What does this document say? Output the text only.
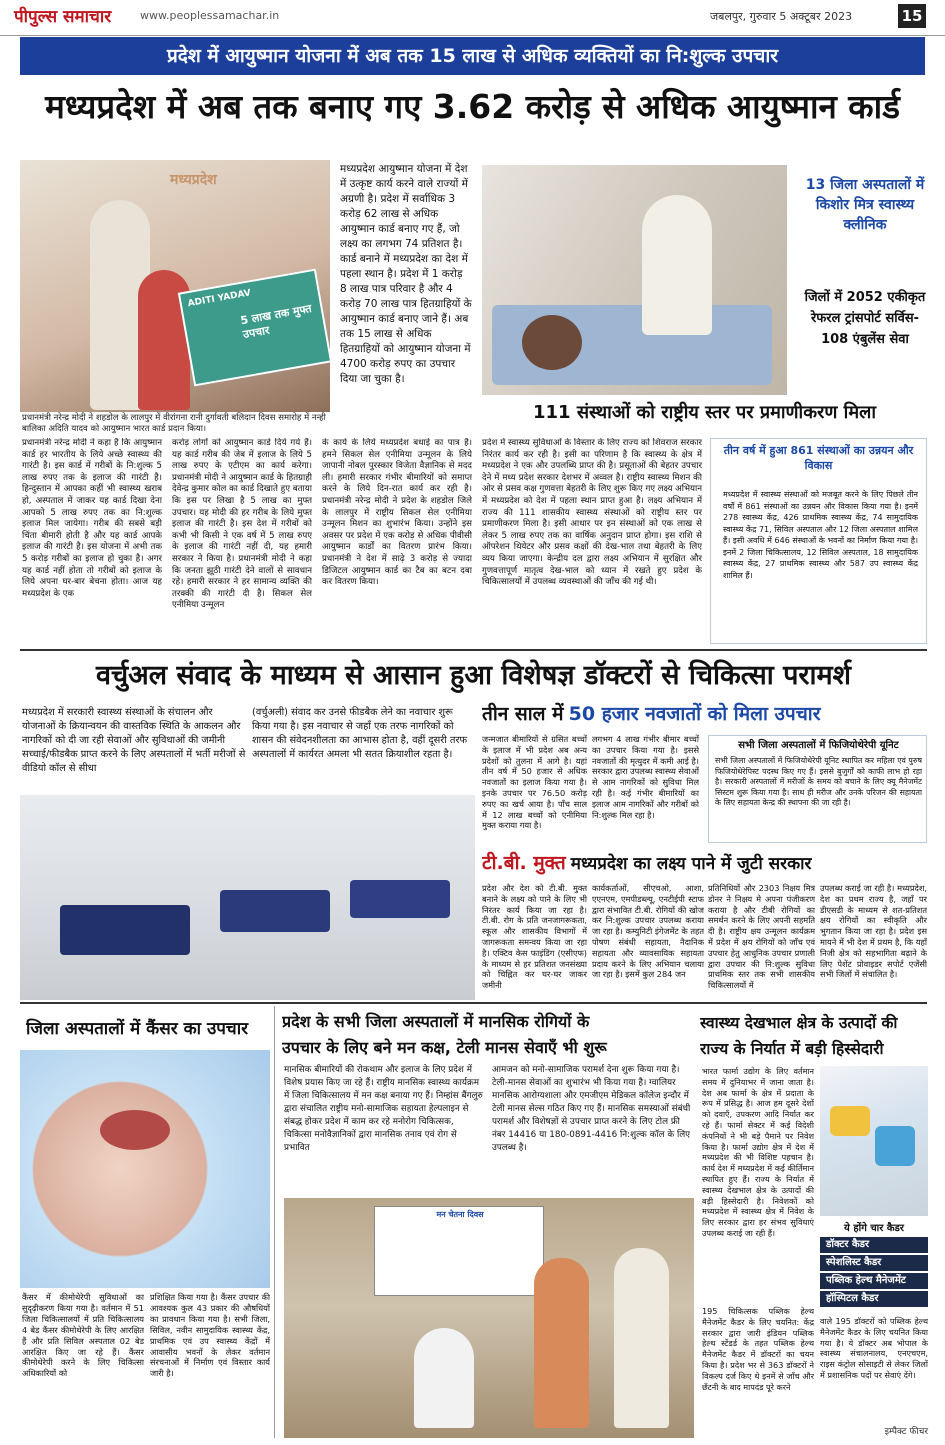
पीपुल्स समाचार	www.peoplessamachar.in	जबलपुर, गुरुवार 5 अक्टूबर 2023	15
प्रदेश में आयुष्मान योजना में अब तक 15 लाख से अधिक व्यक्तियों का नि:शुल्क उपचार
मध्यप्रदेश में अब तक बनाए गए 3.62 करोड़ से अधिक आयुष्मान कार्ड
मध्यप्रदेश
ADITI YADAV
5 लाख तक मुफ्त उपचार
प्रधानमंत्री नरेन्द्र मोदी ने शहडोल के लालपुर में वीरांगना रानी दुर्गावती बलिदान दिवस समारोह में नन्ही बालिका अदिति यादव को आयुष्मान भारत कार्ड प्रदान किया।
मध्यप्रदेश आयुष्मान योजना में देश में उत्कृष्ट कार्य करने वाले राज्यों में अग्रणी है। प्रदेश में सर्वाधिक 3 करोड़ 62 लाख से अधिक आयुष्मान कार्ड बनाए गए हैं, जो लक्ष्य का लगभग 74 प्रतिशत है। कार्ड बनाने में मध्यप्रदेश का देश में पहला स्थान है। प्रदेश में 1 करोड़ 8 लाख पात्र परिवार है और 4 करोड़ 70 लाख पात्र हितग्राहियों के आयुष्मान कार्ड बनाए जाने हैं। अब तक 15 लाख से अधिक हितग्राहियों को आयुष्मान योजना में 4700 करोड़ रुपए का उपचार दिया जा चुका है।
13 जिला अस्पतालों में किशोर मित्र स्वास्थ्य क्लीनिक
जिलों में 2052 एकीकृत रेफरल ट्रांसपोर्ट सर्विस- 108 एंबुलेंस सेवा
111 संस्थाओं को राष्ट्रीय स्तर पर प्रमाणीकरण मिला
प्रधानमंत्री नरेन्द्र मोदी ने कहा है कि आयुष्मान कार्ड हर भारतीय के लिये अच्छे स्वास्थ्य की गारंटी है। इस कार्ड में गरीबों के नि:शुल्क 5 लाख रुपए तक के इलाज की गारंटी है। हिन्दुस्तान में आपका कहीं भी स्वास्थ्य खराब हो, अस्पताल में जाकर यह कार्ड दिखा देना आपको 5 लाख रुपए तक का नि:शुल्क इलाज मिल जायेगा। गरीब की सबसे बड़ी चिंता बीमारी होती है और यह कार्ड आपके इलाज की गारंटी है। इस योजना में अभी तक 5 करोड़ गरीबों का इलाज हो चुका है। अगर यह कार्ड नहीं होता तो गरीबों को इलाज के लिये अपना घर-बार बेचना होता। आज यह मध्यप्रदेश के एक
करोड़ लोगों को आयुष्मान कार्ड दिये गये हैं। यह कार्ड गरीब की जेब में इलाज के लिये 5 लाख रुपए के एटीएम का कार्य करेगा। प्रधानमंत्री मोदी ने आयुष्मान कार्ड के हितग्राही देवेन्द्र कुमार कोल का कार्ड दिखाते हुए बताया कि इस पर लिखा है 5 लाख का मुफ्त उपचार। यह मोदी की हर गरीब के लिये मुफ्त इलाज की गारंटी है। इस देश में गरीबों को कभी भी किसी ने एक वर्ष में 5 लाख रुपए के इलाज की गारंटी नहीं दी, यह हमारी सरकार ने किया है। प्रधानमंत्री मोदी ने कहा कि जनता झूठी गारंटी देने वालों से सावधान रहे। हमारी सरकार ने हर सामान्य व्यक्ति की तरक्की की गारंटी दी है। सिकल सेल एनीमिया उन्मूलन
के कार्य के लिये मध्यप्रदेश बधाई का पात्र है। हमने सिकल सेल एनीमिया उन्मूलन के लिये जापानी नोबल पुरस्कार विजेता वैज्ञानिक से मदद ली। हमारी सरकार गंभीर बीमारियों को समाप्त करने के लिये दिन-रात कार्य कर रही है। प्रधानमंत्री नरेन्द्र मोदी ने प्रदेश के शहडोल जिले के लालपुर में राष्ट्रीय सिकल सेल एनीमिया उन्मूलन मिशन का शुभारंभ किया। उन्होंने इस अवसर पर प्रदेश में एक करोड़ से अधिक पीवीसी आयुष्मान कार्डों का वितरण प्रारंभ किया। प्रधानमंत्री ने देश में साढ़े 3 करोड़ से ज्यादा डिजिटल आयुष्मान कार्ड का टैब का बटन दबा कर वितरण किया।
प्रदेश में स्वास्थ्य सुविधाओं के विस्तार के लिए राज्य को शिवराज सरकार निरंतर कार्य कर रही है। इसी का परिणाम है कि स्वास्थ्य के क्षेत्र में मध्यप्रदेश ने एक और उपलब्धि प्राप्त की है। प्रसूताओं की बेहतर उपचार देने में मध्य प्रदेश सरकार देशभर में अव्वल है। राष्ट्रीय स्वास्थ्य मिशन की ओर से प्रसव कक्ष गुणवत्ता बेहतरी के लिए शुरू किए गए लक्ष्य अभियान में मध्यप्रदेश को देश में पहला स्थान प्राप्त हुआ है। लक्ष्य अभियान में राज्य की 111 शासकीय स्वास्थ्य संस्थाओं को राष्ट्रीय स्तर पर प्रमाणीकरण मिला है। इसी आधार पर इन संस्थाओं को एक लाख से लेकर 5 लाख रुपए तक का वार्षिक अनुदान प्राप्त होगा। इस राशि से ऑपरेशन थियेटर और प्रसव कक्षों की देख-भाल तथा बेहतरी के लिए व्यय किया जाएगा। केन्द्रीय दल द्वारा लक्ष्य अभियान में सुरक्षित और गुणवत्तापूर्ण मातृत्व देख-भाल को ध्यान में रखते हुए प्रदेश के चिकित्सालयों में उपलब्ध व्यवस्थाओं की जाँच की गई थी।
तीन वर्ष में हुआ 861 संस्थाओं का उन्नयन और विकास
मध्यप्रदेश में स्वास्थ्य संस्थाओं को मजबूत करने के लिए पिछले तीन वर्षों में 861 संस्थाओं का उन्नयन और विकास किया गया है। इनमें 278 स्वास्थ्य केंद्र, 426 प्राथमिक स्वास्थ्य केंद्र, 74 सामुदायिक स्वास्थ्य केंद्र 71, सिविल अस्पताल और 12 जिला अस्पताल शामिल हैं। इसी अवधि में 646 संस्थाओं के भवनों का निर्माण किया गया है। इनमें 2 जिला चिकित्सालय, 12 सिविल अस्पताल, 18 सामुदायिक स्वास्थ्य केंद्र, 27 प्राथमिक स्वास्थ्य और 587 उप स्वास्थ्य केंद्र शामिल हैं।
वर्चुअल संवाद के माध्यम से आसान हुआ विशेषज्ञ डॉक्टरों से चिकित्सा परामर्श
मध्यप्रदेश में सरकारी स्वास्थ्य संस्थाओं के संचालन और योजनाओं के क्रियान्वयन की वास्तविक स्थिति के आकलन और नागरिकों को दी जा रही सेवाओं और सुविधाओं की जमीनी सच्चाई/फीडबैक प्राप्त करने के लिए अस्पतालों में भर्ती मरीजों से वीडियो कॉल से सीधा
(वर्चुअली) संवाद कर उनसे फीडबैक लेने का नवाचार शुरू किया गया है। इस नवाचार से जहाँ एक तरफ नागरिकों को शासन की संवेदनशीलता का आभास होता है, वहीं दूसरी तरफ अस्पतालों में कार्यरत अमला भी सतत क्रियाशील रहता है।
तीन साल में 50 हजार नवजातों को मिला उपचार
जन्मजात बीमारियों से ग्रसित बच्चों के इलाज में भी प्रदेश अब अन्य प्रदेशों को तुलना में आगे है। यहां तीन वर्ष में 50 हजार से अधिक नवजातों का इलाज किया गया है। इनके उपचार पर 76.50 करोड़ रुपए का खर्च आया है। पाँच साल में 12 लाख बच्चों को एनीमिया मुक्त कराया गया है।
लगभग 4 लाख गंभीर बीमार बच्चों का उपचार किया गया है। इससे नवजातों की मृत्युदर में कमी आई है। सरकार द्वारा उपलब्ध स्वास्थ्य सेवाओं से आम नागरिकों को सुविधा मिल रही है। कई गंभीर बीमारियों का इलाज आम नागरिकों और गरीबों को नि:शुल्क मिल रहा है।
सभी जिला अस्पतालों में फिजियोथेरेपी यूनिट
सभी जिला अस्पतालों में फिजियोथेरेपी यूनिट स्थापित कर महिला एवं पुरुष फिजियोथेरेपिस्ट पदस्थ किए गए हैं। इससे बुजुर्गों को काफी लाभ हो रहा है। सरकारी अस्पतालों में मरीजों के समय को बचाने के लिए क्यू मैनेजमेंट सिस्टम शुरू किया गया है। साथ ही मरीज और उनके परिजन की सहायता के लिए सहायता केन्द्र की स्थापना की जा रही है।
टी.बी. मुक्त मध्यप्रदेश का लक्ष्य पाने में जुटी सरकार
प्रदेश और देश को टी.बी. मुक्त बनाने के लक्ष्य को पाने के लिए भी निरंतर कार्य किया जा रहा है। टी.बी. रोग के प्रति जनजागरूकता, स्कूल और शासकीय विभागों में जागरूकता समन्वय किया जा रहा है। एक्टिव केस फाइंडिंग (एसीएफ) के माध्यम से हर प्रतिशत जनसंख्या को चिह्नित कर घर-घर जाकर जमीनी
कार्यकर्ताओं, सीएचओ, आशा, एएनएम, एमपीडब्ल्यू, एनटीईपी स्टाफ द्वारा संभावित टी.बी. रोगियों की खोज कर नि:शुल्क उपचार उपलब्ध कराया जा रहा है। कम्युनिटी इंगेजमेंट के तहत पोषण संबंधी सहायता, नैदानिक सहायता और व्यावसायिक सहायता प्रदाय करने के लिए अभियान चलाया जा रहा है। इसमें कुल 284 जन
प्रतिनिधियों और 2303 निक्षय मित्र डोनर ने निक्षय मे अपना पंजीकरण कराया है और टीबी रोगियों का समर्थन करने के लिए अपनी सहमति दी है। राष्ट्रीय क्षय उन्मूलन कार्यक्रम में प्रदेश में क्षय रोगियों को जाँच एवं उपचार हेतु आधुनिक उपचार प्रणाली द्वारा उपचार की नि:शुल्क सुविधा प्राथमिक स्तर तक सभी शासकीय चिकित्सालयों में
उपलब्ध कराई जा रही है। मध्यप्रदेश, देश का प्रथम राज्य है, जहाँ पर डीएसडी के माध्यम से शत-प्रतिशत क्षय रोगियों का स्वीकृति और भुगतान किया जा रहा है। प्रदेश इस मायने में भी देश में प्रथम है, कि यहाँ निजी क्षेत्र को सहभागिता बढ़ाने के लिए पेशेंट प्रोवाइडर सपोर्ट एजेंसी सभी जिलों में संचालित है।
जिला अस्पतालों में कैंसर का उपचार
कैंसर में कीमोथेरेपी सुविधाओं का सुदृढ़ीकरण किया गया है। वर्तमान में 51 जिला चिकित्सालयों में प्रति चिकित्सालय 4 बेड कैंसर कीमोथेरेपी के लिए आरक्षित हैं और प्रति सिविल अस्पताल 02 बेड आरक्षित किए जा रहे हैं। कैंसर कीमोथेरेपी करने के लिए चिकित्सा अधिकारियों को
प्रशिक्षित किया गया है। कैंसर उपचार की आवश्यक कुल 43 प्रकार की औषधियों का प्रावधान किया गया है। सभी जिला, सिविल, नवीन सामुदायिक स्वास्थ्य केंद्र, प्राथमिक एवं उप स्वास्थ्य केंद्रों में आवासीय भवनों के लेकर वर्तमान संरचनाओं में निर्माण एवं विस्तार कार्य जारी है।
प्रदेश के सभी जिला अस्पतालों में मानसिक रोगियों के
उपचार के लिए बने मन कक्ष, टेली मानस सेवाएँ भी शुरू
मानसिक बीमारियों की रोकथाम और इलाज के लिए प्रदेश में विशेष प्रयास किए जा रहे हैं। राष्ट्रीय मानसिक स्वास्थ्य कार्यक्रम में जिला चिकित्सालय में मन कक्ष बनाया गए हैं। निम्हांस बैंगलुरु द्वारा संचालित राष्ट्रीय मनो-सामाजिक सहायता हेल्पलाइन से संबद्ध होकर प्रदेश में काम कर रहे मनोरोग चिकित्सक, चिकित्सा मनोवैज्ञानिकों द्वारा मानसिक तनाव एवं रोग से प्रभावित
आमजन को मनो-सामाजिक परामर्श देना शुरू किया गया है। टेली-मानस सेवाओं का शुभारंभ भी किया गया है। ग्वालियर मानसिक आरोग्यशाला और एमजीएम मेडिकल कॉलेज इन्दौर में टेली मानस सेल्स गठित किए गए हैं। मानसिक समस्याओं संबंधी परामर्श और विशेषज्ञों से उपचार प्राप्त करने के लिए टोल फ्री नंबर 14416 या 180-0891-4416 नि:शुल्क कॉल के लिए उपलब्ध है।
मन चेतना दिवस
स्वास्थ्य देखभाल क्षेत्र के उत्पादों की
राज्य के निर्यात में बड़ी हिस्सेदारी
भारत फार्मा उद्योग के लिए वर्तमान समय में दुनियाभर में जाना जाता है। देश अब फार्मा के क्षेत्र में प्रदाता के रूप में प्रसिद्ध है। आज हम दूसरे देशों को दवाएँ, उपकरण आदि निर्यात कर रहे हैं। फार्मा सेक्टर में कई विदेशी कंपनियों ने भी बड़े पैमाने पर निवेश किया है। फार्मा उद्योग क्षेत्र में देश में मध्यप्रदेश की भी विशिष्ट पहचान है। कार्य देश में मध्यप्रदेश में कई कीर्तिमान स्थापित हुए हैं। राज्य के निर्यात में स्वास्थ्य देखभाल क्षेत्र के उत्पादों की बड़ी हिस्सेदारी है। निवेशकों को मध्यप्रदेश में स्वास्थ्य क्षेत्र में निवेश के लिए सरकार द्वारा हर संभव सुविधाएं उपलब्ध कराई जा रही हैं।
195 चिकित्सक पब्लिक हेल्थ मैनेजमेंट कैडर के लिए चयनित: केंद्र सरकार द्वारा जारी इंडियन पब्लिक हेल्थ स्टेंडर्ड के तहत पब्लिक हेल्थ मैनेजमेंट कैडर में डॉक्टरों का चयन किया है। प्रदेश भर से 363 डॉक्टरों ने विकल्प दर्ज किए थे इनमें से जाँच और छँटनी के बाद मापदंड पूरे करने
ये होंगे चार कैडर
डॉक्टर कैडर
स्पेशलिस्ट कैडर
पब्लिक हेल्थ मैनेजमेंट
हॉस्पिटल कैडर
वाले 195 डॉक्टरों को पब्लिक हेल्थ मैनेजमेंट कैडर के लिए चयनित किया गया है। ये डॉक्टर अब भोपाल के स्वास्थ्य संचालनालय, एनएचएम, राइस कंट्रोल सोसाइटी से लेकर जिलों में प्रशासनिक पदों पर सेवाएं देंगे।
इम्पैक्ट फीचर
